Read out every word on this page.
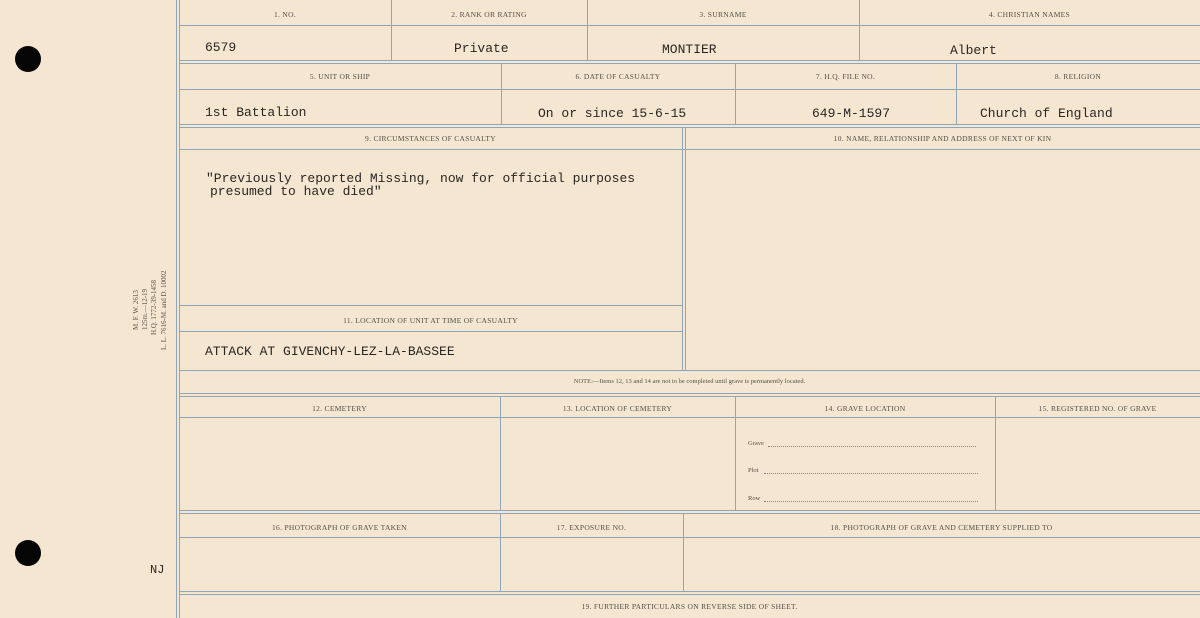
M. F. W. 2613 125m.—12-19 H.Q. 1772-39-1458 L. L. 7616-M. and D. 10002
NJ
1. NO.	2. RANK OR RATING	3. SURNAME	4. CHRISTIAN NAMES
6579	Private	MONTIER	Albert
5. UNIT OR SHIP	6. DATE OF CASUALTY	7. H.Q. FILE NO.	8. RELIGION
1st Battalion	On or since 15-6-15	649-M-1597	Church of England
9. CIRCUMSTANCES OF CASUALTY	10. NAME, RELATIONSHIP AND ADDRESS OF NEXT OF KIN
"Previously reported Missing, now for official purposes
presumed to have died"
11. LOCATION OF UNIT AT TIME OF CASUALTY
ATTACK AT GIVENCHY-LEZ-LA-BASSEE
NOTE:—Items 12, 13 and 14 are not to be completed until grave is permanently located.
12. CEMETERY	13. LOCATION OF CEMETERY	14. GRAVE LOCATION	15. REGISTERED NO. OF GRAVE
Grave
Plot
Row
16. PHOTOGRAPH OF GRAVE TAKEN	17. EXPOSURE NO.	18. PHOTOGRAPH OF GRAVE AND CEMETERY SUPPLIED TO
19. FURTHER PARTICULARS ON REVERSE SIDE OF SHEET.
